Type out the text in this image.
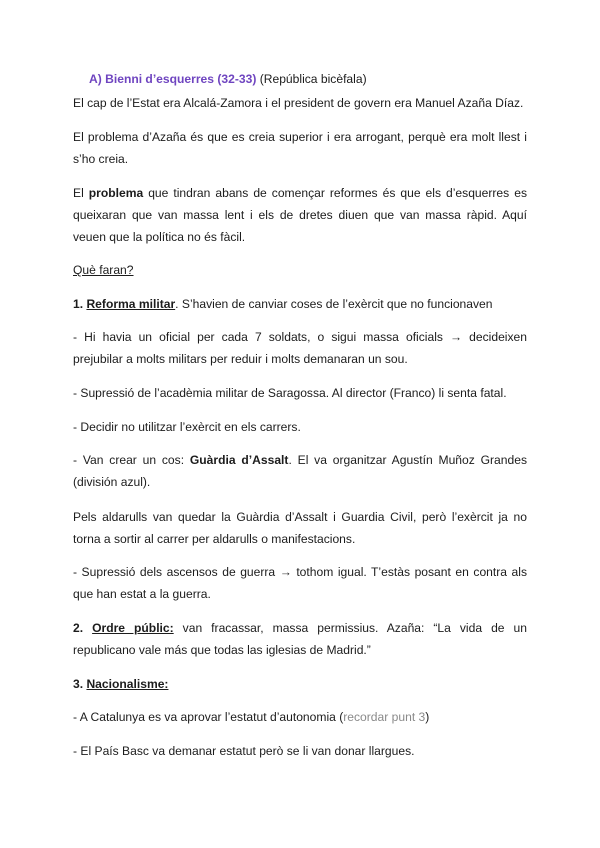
A) Bienni d’esquerres (32-33) (República bicèfala)

El cap de l’Estat era Alcalá-Zamora i el president de govern era Manuel Azaña Díaz.

El problema d’Azaña és que es creia superior i era arrogant, perquè era molt llest i s’ho creia.

El problema que tindran abans de començar reformes és que els d’esquerres es queixaran que van massa lent i els de dretes diuen que van massa ràpid. Aquí veuen que la política no és fàcil.

Què faran?

1. Reforma militar. S’havien de canviar coses de l’exèrcit que no funcionaven

- Hi havia un oficial per cada 7 soldats, o sigui massa oficials → decideixen prejubilar a molts militars per reduir i molts demanaran un sou.

- Supressió de l’acadèmia militar de Saragossa. Al director (Franco) li senta fatal.

- Decidir no utilitzar l’exèrcit en els carrers.

- Van crear un cos: Guàrdia d’Assalt. El va organitzar Agustín Muñoz Grandes (división azul).

Pels aldarulls van quedar la Guàrdia d’Assalt i Guardia Civil, però l’exèrcit ja no torna a sortir al carrer per aldarulls o manifestacions.

- Supressió dels ascensos de guerra → tothom igual. T’estàs posant en contra als que han estat a la guerra.

2. Ordre públic: van fracassar, massa permissius. Azaña: “La vida de un republicano vale más que todas las iglesias de Madrid.”

3. Nacionalisme:

- A Catalunya es va aprovar l’estatut d’autonomia (recordar punt 3)

- El País Basc va demanar estatut però se li van donar llargues.
